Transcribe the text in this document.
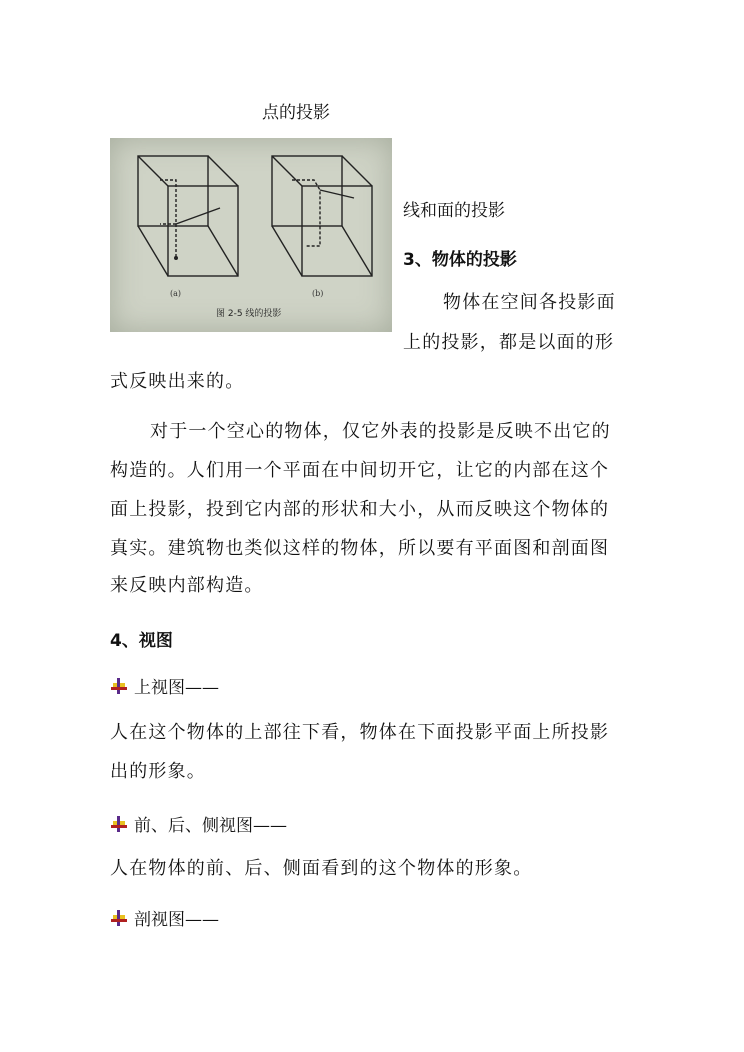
点的投影
(a)	(b)
图 2-5 线的投影
线和面的投影
3、物体的投影
物体在空间各投影面
上的投影，都是以面的形
式反映出来的。
对于一个空心的物体，仅它外表的投影是反映不出它的
构造的。人们用一个平面在中间切开它，让它的内部在这个
面上投影，投到它内部的形状和大小，从而反映这个物体的
真实。建筑物也类似这样的物体，所以要有平面图和剖面图
来反映内部构造。
4、视图
上视图——
人在这个物体的上部往下看，物体在下面投影平面上所投影
出的形象。
前、后、侧视图——
人在物体的前、后、侧面看到的这个物体的形象。
剖视图——
